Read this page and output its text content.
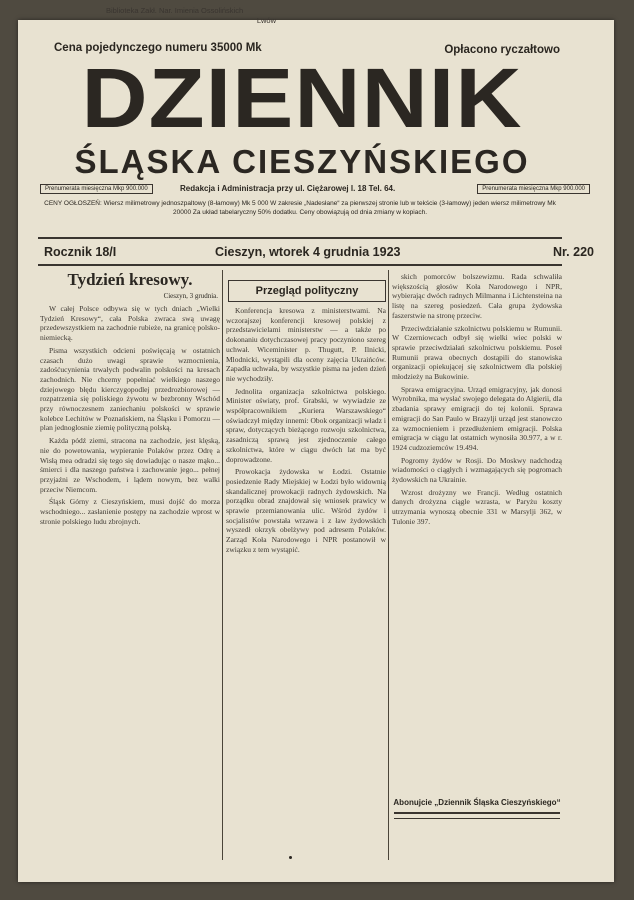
Biblioteka Zakł. Nar. Imienia Ossolińskich
Lwów
Cena pojedynczego numeru 35000 Mk	Opłacono ryczałtowo
DZIENNIK
ŚLĄSKA CIESZYŃSKIEGO
Prenumerata miesięczna Mkp 900.000	Redakcja i Administracja przy ul. Ciężarowej l. 18 Tel. 64.	Prenumerata miesięczna Mkp 900.000
CENY OGŁOSZEŃ: Wiersz milimetrowy jednoszpaltowy (8-łamowy) Mk 5 000 W zakresie „Nadesłane“ za pierwszej stronie lub w tekście (3-łamowy) jeden wiersz milimetrowy Mk 20000 Za układ tabelaryczny 50% dodatku. Ceny obowiązują od dnia zmiany w kopiach.
Rocznik 18/I	Cieszyn, wtorek 4 grudnia 1923	Nr. 220
Tydzień kresowy.
Cieszyn, 3 grudnia.

W całej Polsce odbywa się w tych dniach „Wielki Tydzień Kresowy“, cała Polska zwraca swą uwagę przedewszystkiem na zachodnie rubieże, na granicę polsko-niemiecką.

Pisma wszystkich odcieni poświęcają w ostatnich czasach dużo uwagi sprawie wzmocnienia, zadośćucynienia trwałych podwalin polskości na kresach zachodnich. Nie chcemy popełniać wielkiego naszego dziejowego błędu kierczygopodlej przedrozbiorowej — rozpatrzenia się poliskiego żywotu w bezbronny Wschód przy równoczesnem zaniechaniu polskości w sprawie kolebce Lechitów w Poznańskiem, na Śląsku i Pomorzu — plan jednoglosnie ziemię polityczną polską.

Każda pódź ziemi, stracona na zachodzie, jest klęską, nie do powetowania, wypieranie Polaków przez Odrę a Wisłą mea odradzi się tego się dowiadując o nasze mąko... śmierci i dla naszego państwa i zachowanie jego... pełnej przyjaźni ze Wschodem, i lądem nowym, bez walki przeciw Niemcom.

Śląsk Górny z Cieszyńskiem, musi dojść do morza wschodniego... zasłanienie postępy na zachodzie wprost w stronie polskiego ludu zbrojnych.

Przegląd polityczny

Konferencja kresowa z ministerstwami. Na wczorajszej konferencji kresowej polskiej z przedstawicielami ministerstw — a także po dokonaniu dotychczasowej pracy poczyniono szereg uchwał. Wiceminister p. Thugutt, P. Ilnicki, Mlodnicki, wystąpili dla oceny zajęcia Ukraińców. Zapadła uchwała, by wszystkie pisma na jeden dzień nie wychodziły.

Jednolita organizacja szkolnictwa polskiego. Minister oświaty, prof. Grabski, w wywiadzie ze współpracownikiem „Kuriera Warszawskiego“ oświadczył między innemi: Obok organizacji władz i spraw, dotyczących bieżącego rozwoju szkolnictwa, zasadniczą sprawą jest zjednoczenie całego szkolnictwa, które w ciągu dwóch lat ma być doprowadzone.

Prowokacja żydowska w Łodzi. Ostatnie posiedzenie Rady Miejskiej w Łodzi było widownią skandalicznej prowokacji radnych żydowskich. Na porządku obrad znajdował się wniosek prawicy w sprawie przemianowania ulic. Wśród żydów i socjalistów powstała wrzawa i z ław żydowskich wyszedł okrzyk obelżywy pod adresem Polaków. Zarząd Koła Narodowego i NPR postanowił w związku z tem wystąpić.

skich pomorców bolszewizmu. Rada schwaliła większością głosów Koła Narodowego i NPR, wybierając dwóch radnych Milmanna i Lichtensteina na listę na szereg posiedzeń. Cała grupa żydowska faszerstwie na stronę przeciw.

Przeciwdziałanie szkolnictwu polskiemu w Rumunii. W Czerniowcach odbył się wielki wiec polski w sprawie przeciwdziałań szkolnictwu polskiemu. Poseł Rumunii prawa obecnych dostąpili do stanowiska organizacji opiekującej się szkolnictwem dla polskiej młodzieży na Bukowinie.

Sprawa emigracyjna. Urząd emigracyjny, jak donosi Wyrobnika, ma wysłać swojego delegata do Algierii, dla zbadania sprawy emigracji do tej kolonii. Sprawa emigracji do San Paulo w Brazylji urząd jest stanowczo za wzmocnieniem i przedłużeniem emigracji. Polska emigracja w ciągu lat ostatnich wynosiła 30.977, a w r. 1924 cudzoziemców 19.494.

Pogromy żydów w Rosji. Do Moskwy nadchodzą wiadomości o ciągłych i wzmagających się pogromach żydowskich na Ukrainie.

Wzrost drożyzny we Francji. Według ostatnich danych drożyzna ciągle wzrasta, w Paryżu koszty utrzymania wynoszą obecnie 331 w Marsylji 362, w Tulonie 397.

Abonujcie „Dziennik Śląska Cieszyńskiego“
